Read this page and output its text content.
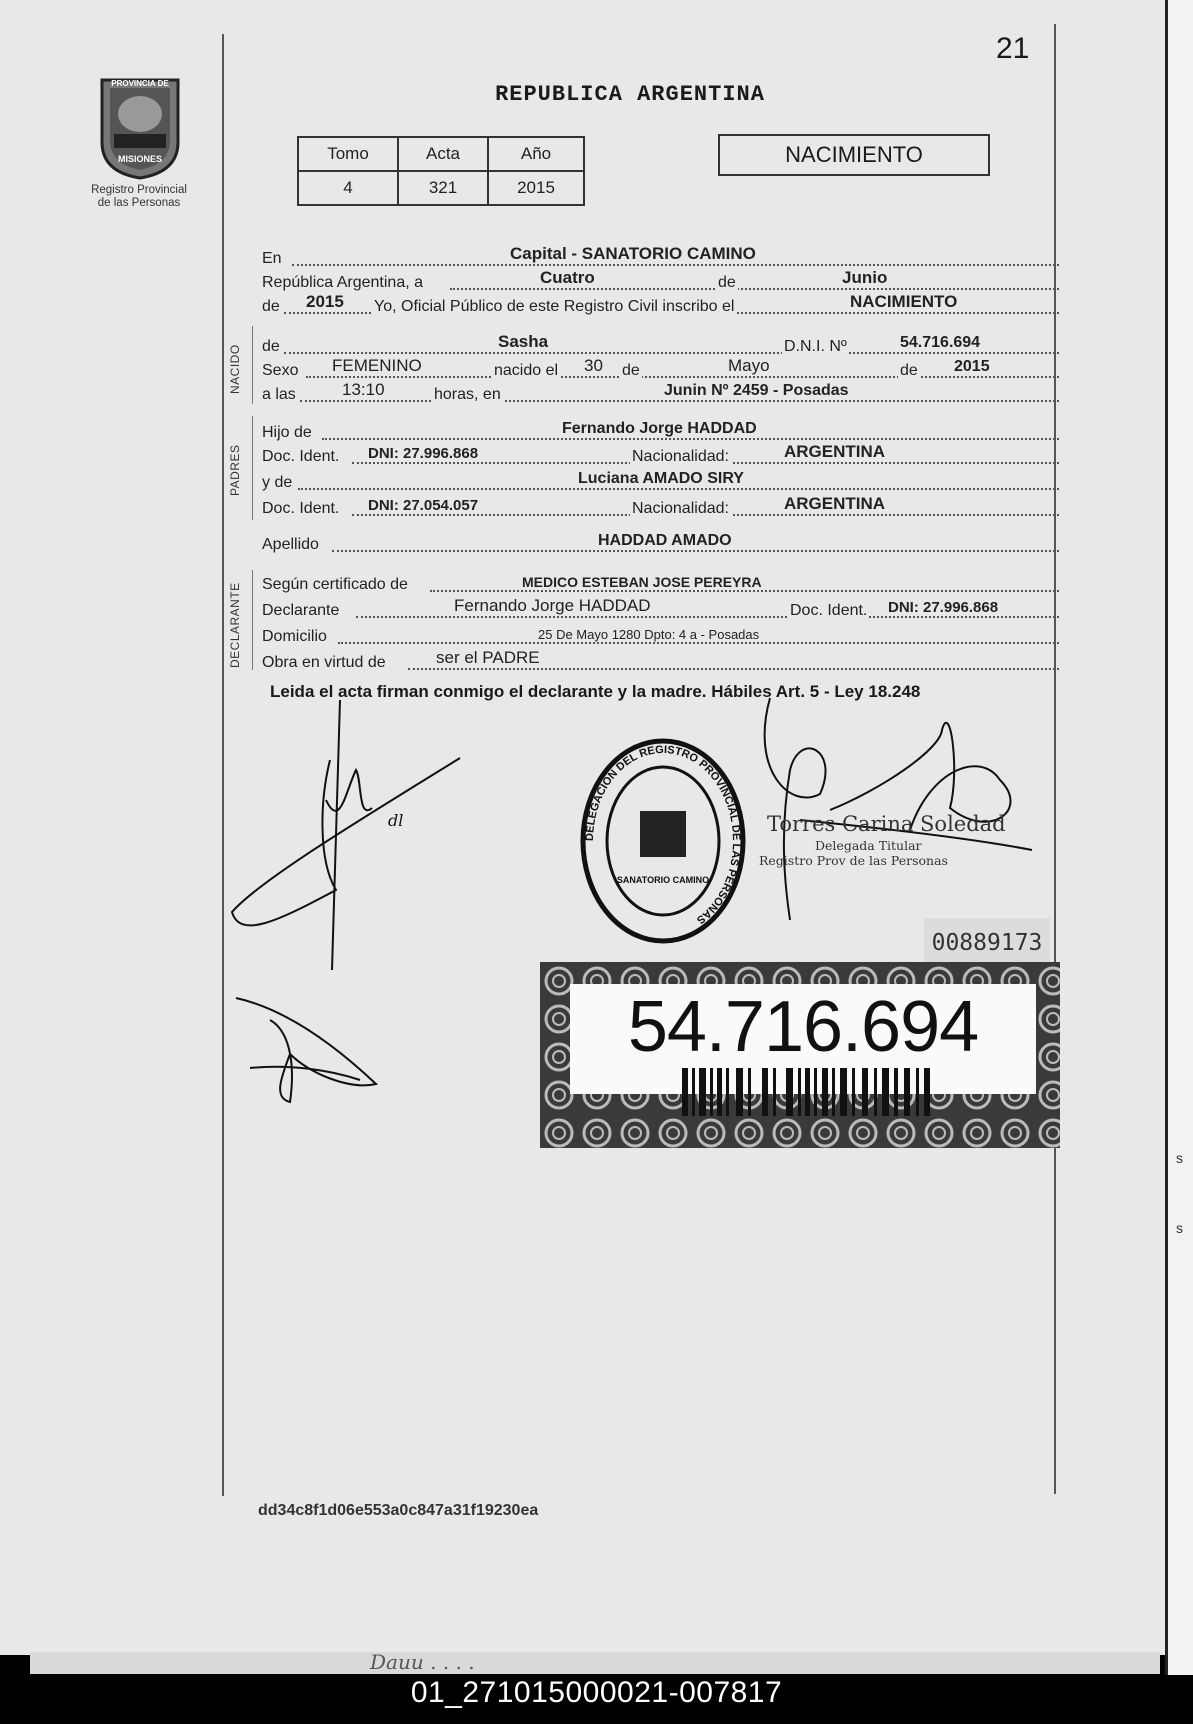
s
s
Dauu . . . .
21
PROVINCIA DE
MISIONES
Registro Provincial
de las Personas
REPUBLICA ARGENTINA
Tomo	Acta	Año
4	321	2015
NACIMIENTO
En	Capital - SANATORIO CAMINO
República Argentina, a	Cuatro	de	Junio
de 2015 Yo, Oficial Público de este Registro Civil inscribo el	NACIMIENTO
NACIDO de	Sasha	D.N.I. Nº	54.716.694
Sexo FEMENINO	nacido el 30 de	Mayo	de 2015
a las	13:10	horas, en	Junin Nº 2459 - Posadas
PADRES
Hijo de	Fernando Jorge HADDAD
Doc. Ident. DNI: 27.996.868	Nacionalidad:	ARGENTINA
y de	Luciana AMADO SIRY
Doc. Ident. DNI: 27.054.057	Nacionalidad:	ARGENTINA
Apellido	HADDAD AMADO
DECLARANTE Según certificado de	MEDICO ESTEBAN JOSE PEREYRA
Declarante	Fernando Jorge HADDAD	Doc. Ident. DNI: 27.996.868
Domicilio	25 De Mayo 1280 Dpto: 4 a - Posadas
Obra en virtud de	ser el PADRE
Leida el acta firman conmigo el declarante y la madre. Hábiles Art. 5 - Ley 18.248
dl
DELEGACION DEL REGISTRO PROVINCIAL DE LAS PERSONAS
SANATORIO CAMINO
Torres Carina Soledad
Delegada Titular
Registro Prov de las Personas
00889173
54.716.694
dd34c8f1d06e553a0c847a31f19230ea
01_271015000021-007817
